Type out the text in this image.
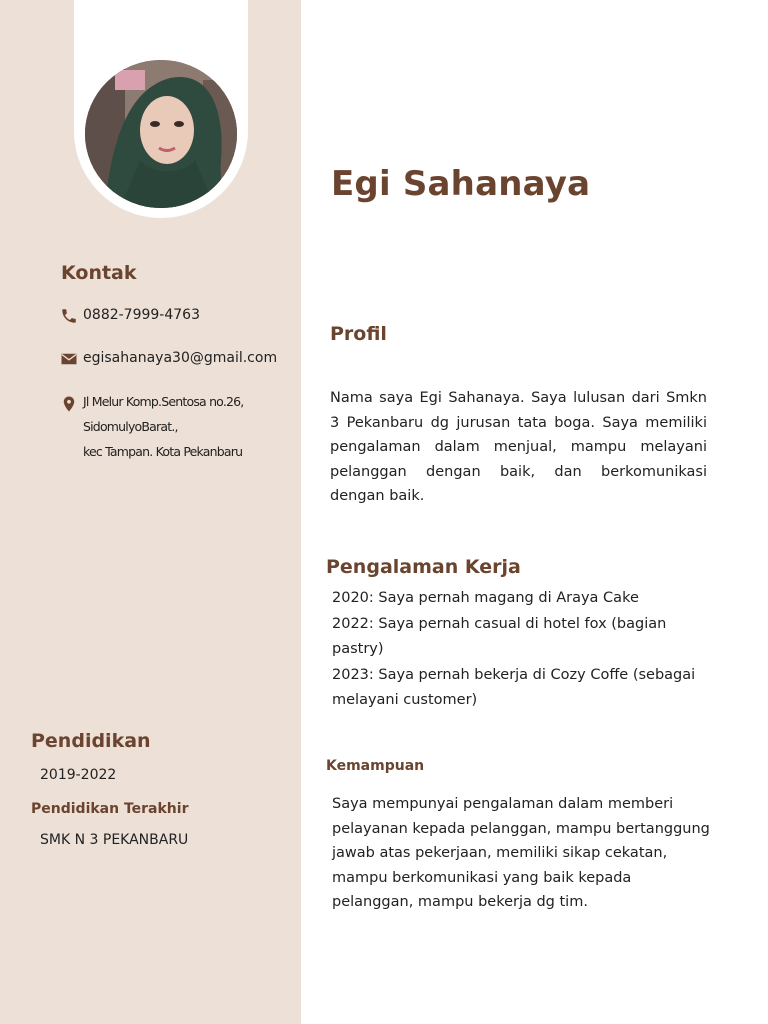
Egi Sahanaya
Kontak
0882-7999-4763
egisahanaya30@gmail.com
Jl Melur Komp.Sentosa no.26,
SidomulyoBarat.,
kec Tampan. Kota Pekanbaru
Pendidikan
2019-2022
Pendidikan Terakhir
SMK N 3 PEKANBARU
Profil
Nama saya Egi Sahanaya. Saya lulusan dari Smkn 3 Pekanbaru dg jurusan tata boga. Saya memiliki pengalaman dalam menjual, mampu melayani pelanggan dengan baik, dan berkomunikasi dengan baik.
Pengalaman Kerja
2020: Saya pernah magang di Araya Cake
2022: Saya pernah casual di hotel fox (bagian pastry)
2023: Saya pernah bekerja di Cozy Coffe (sebagai melayani customer)
Kemampuan
Saya mempunyai pengalaman dalam memberi pelayanan kepada pelanggan, mampu bertanggung jawab atas pekerjaan, memiliki sikap cekatan, mampu berkomunikasi yang baik kepada pelanggan, mampu bekerja dg tim.
